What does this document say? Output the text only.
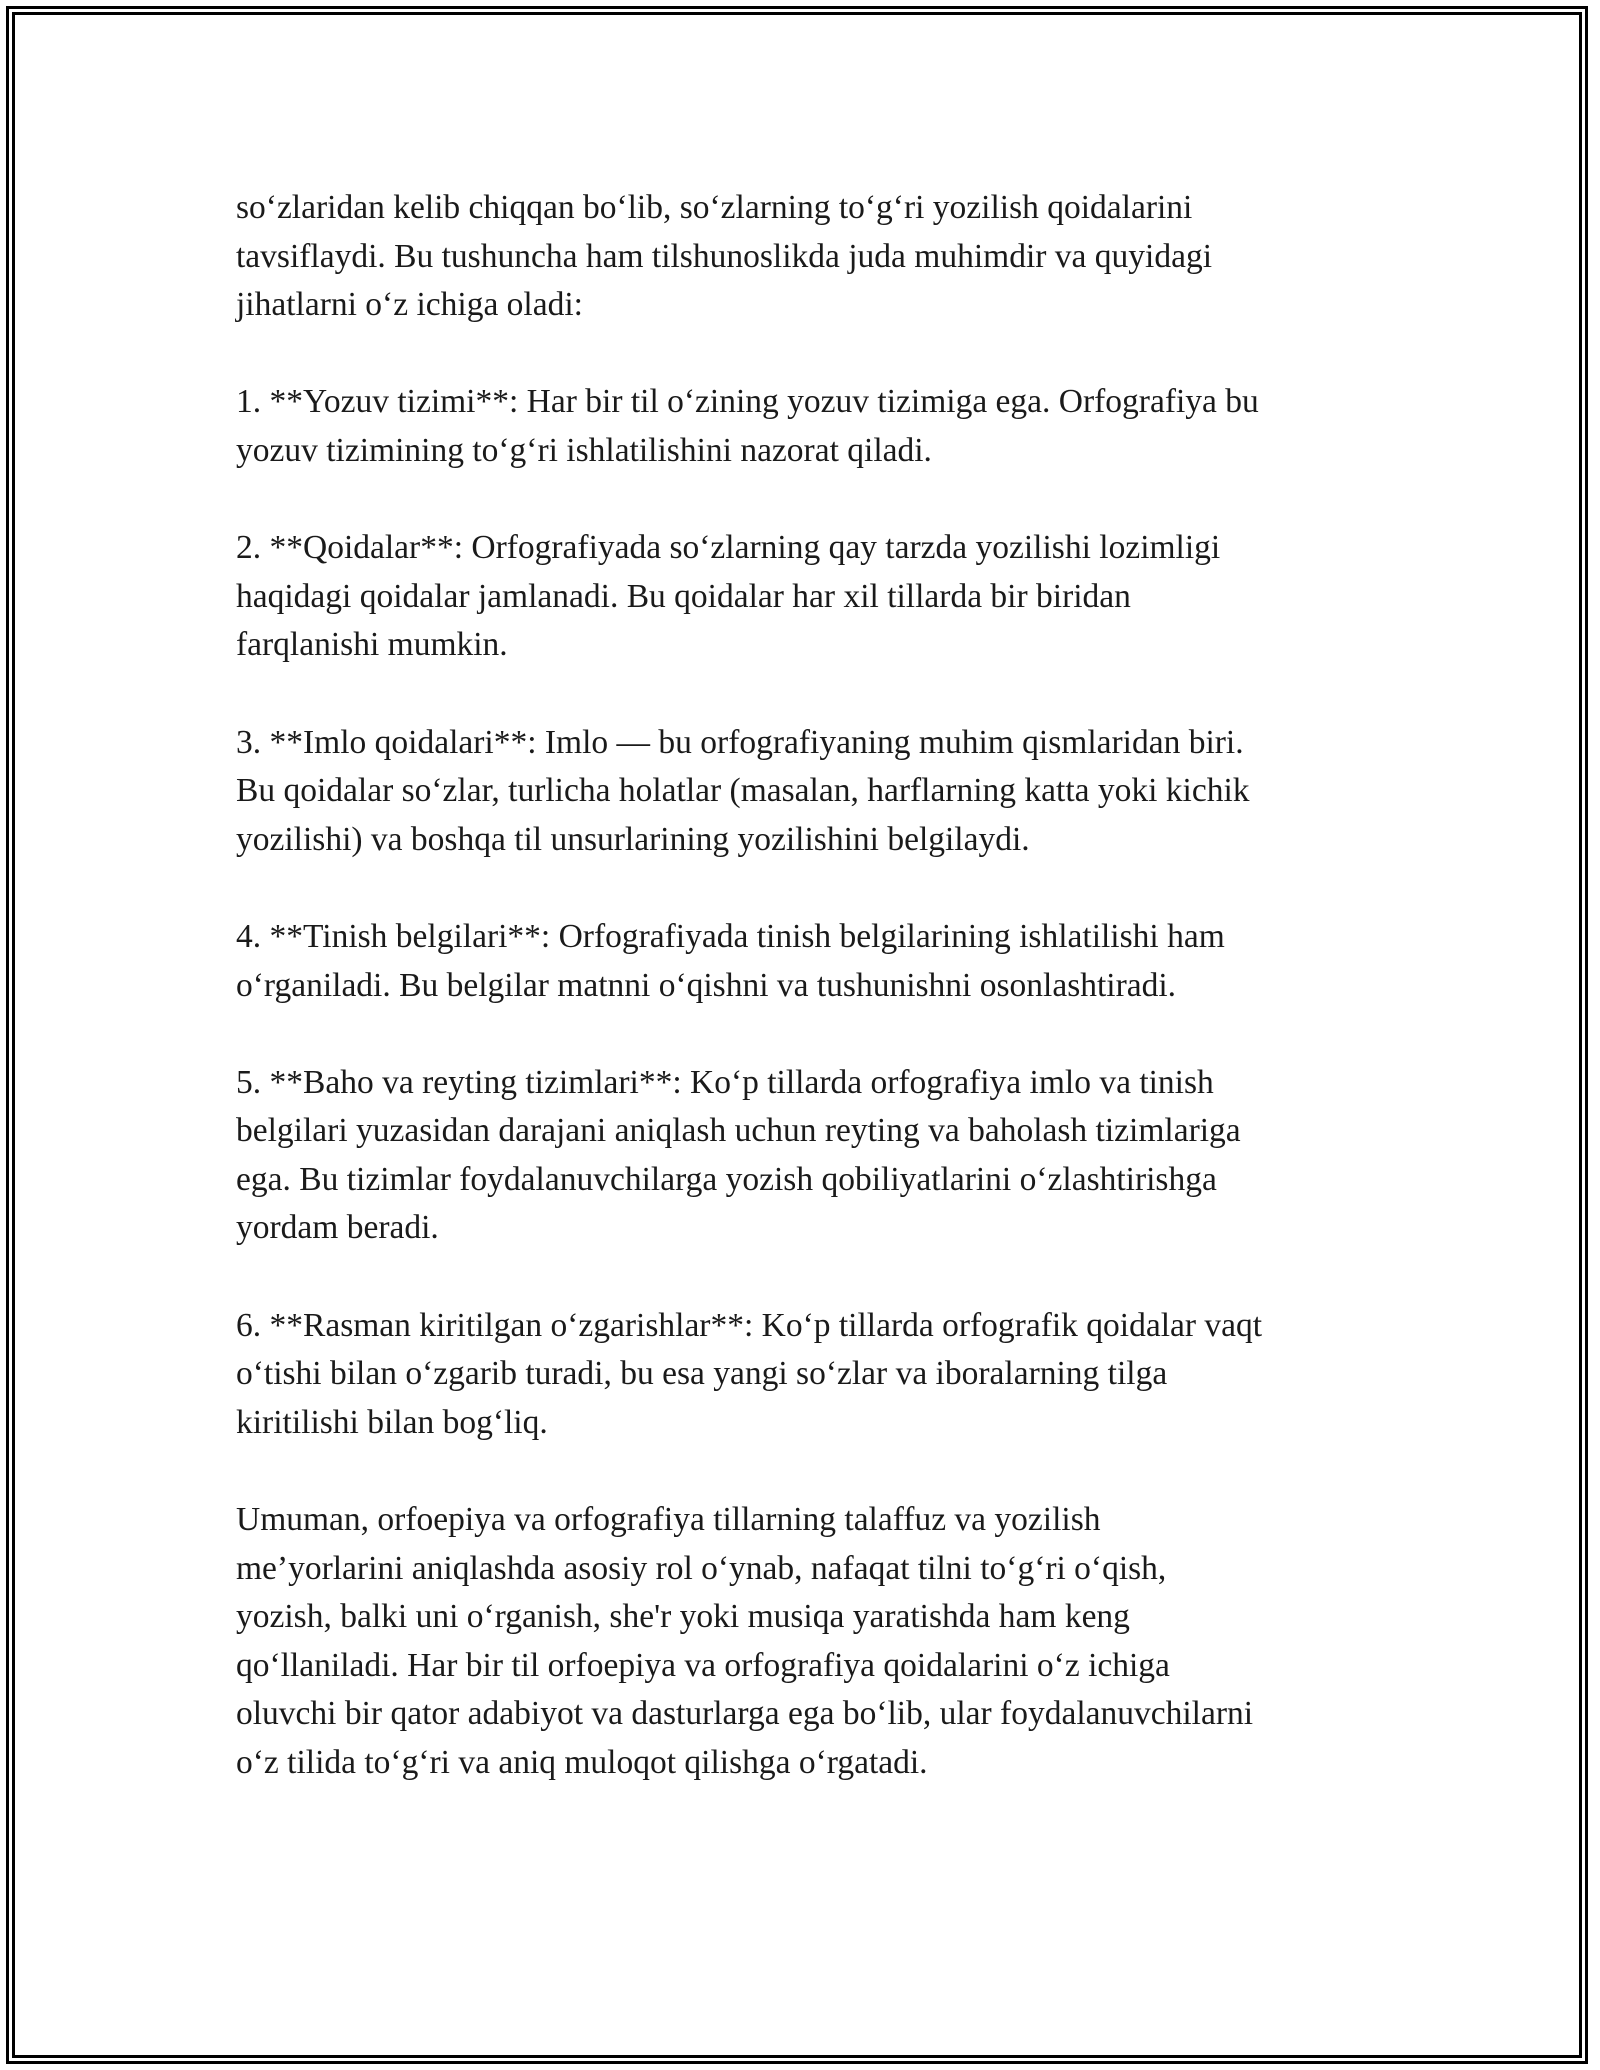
so‘zlaridan kelib chiqqan bo‘lib, so‘zlarning to‘g‘ri yozilish qoidalarini
tavsiflaydi. Bu tushuncha ham tilshunoslikda juda muhimdir va quyidagi
jihatlarni o‘z ichiga oladi:

1. **Yozuv tizimi**: Har bir til o‘zining yozuv tizimiga ega. Orfografiya bu
yozuv tizimining to‘g‘ri ishlatilishini nazorat qiladi.

2. **Qoidalar**: Orfografiyada so‘zlarning qay tarzda yozilishi lozimligi
haqidagi qoidalar jamlanadi. Bu qoidalar har xil tillarda bir biridan
farqlanishi mumkin.

3. **Imlo qoidalari**: Imlo — bu orfografiyaning muhim qismlaridan biri.
Bu qoidalar so‘zlar, turlicha holatlar (masalan, harflarning katta yoki kichik
yozilishi) va boshqa til unsurlarining yozilishini belgilaydi.

4. **Tinish belgilari**: Orfografiyada tinish belgilarining ishlatilishi ham
o‘rganiladi. Bu belgilar matnni o‘qishni va tushunishni osonlashtiradi.

5. **Baho va reyting tizimlari**: Ko‘p tillarda orfografiya imlo va tinish
belgilari yuzasidan darajani aniqlash uchun reyting va baholash tizimlariga
ega. Bu tizimlar foydalanuvchilarga yozish qobiliyatlarini o‘zlashtirishga
yordam beradi.

6. **Rasman kiritilgan o‘zgarishlar**: Ko‘p tillarda orfografik qoidalar vaqt
o‘tishi bilan o‘zgarib turadi, bu esa yangi so‘zlar va iboralarning tilga
kiritilishi bilan bog‘liq.

Umuman, orfoepiya va orfografiya tillarning talaffuz va yozilish
me’yorlarini aniqlashda asosiy rol o‘ynab, nafaqat tilni to‘g‘ri o‘qish,
yozish, balki uni o‘rganish, she'r yoki musiqa yaratishda ham keng
qo‘llaniladi. Har bir til orfoepiya va orfografiya qoidalarini o‘z ichiga
oluvchi bir qator adabiyot va dasturlarga ega bo‘lib, ular foydalanuvchilarni
o‘z tilida to‘g‘ri va aniq muloqot qilishga o‘rgatadi.
